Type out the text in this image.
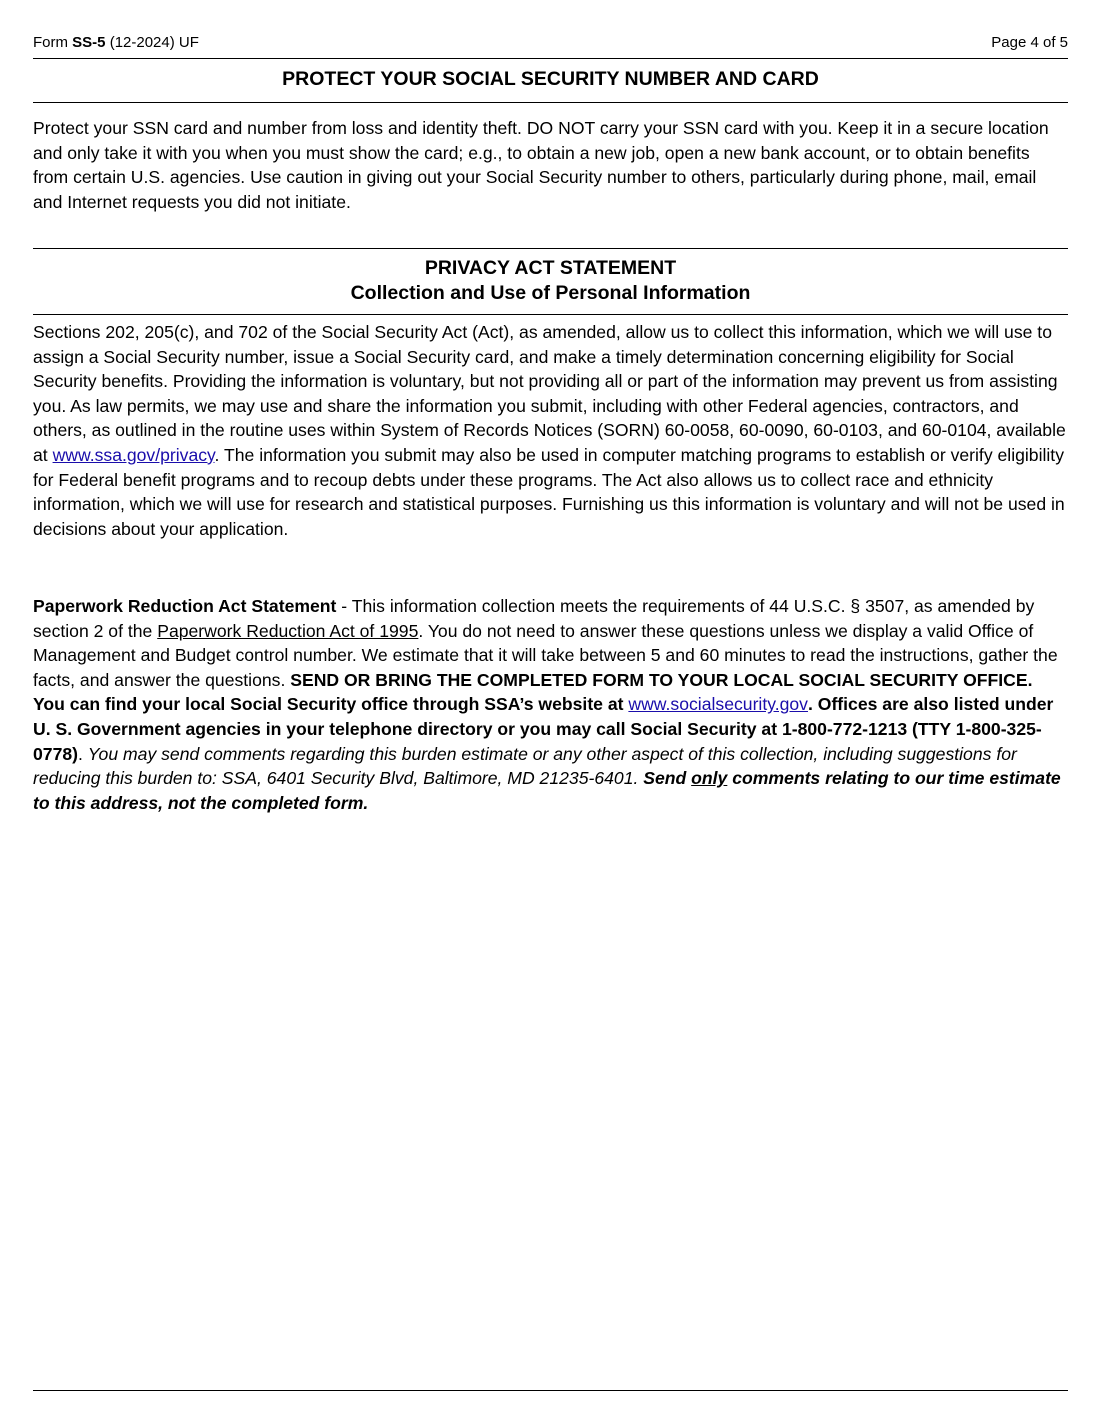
Form SS-5 (12-2024) UF	Page 4 of 5
PROTECT YOUR SOCIAL SECURITY NUMBER AND CARD
Protect your SSN card and number from loss and identity theft. DO NOT carry your SSN card with you. Keep it in a secure location and only take it with you when you must show the card; e.g., to obtain a new job, open a new bank account, or to obtain benefits from certain U.S. agencies. Use caution in giving out your Social Security number to others, particularly during phone, mail, email and Internet requests you did not initiate.
PRIVACY ACT STATEMENT
Collection and Use of Personal Information
Sections 202, 205(c), and 702 of the Social Security Act (Act), as amended, allow us to collect this information, which we will use to assign a Social Security number, issue a Social Security card, and make a timely determination concerning eligibility for Social Security benefits. Providing the information is voluntary, but not providing all or part of the information may prevent us from assisting you. As law permits, we may use and share the information you submit, including with other Federal agencies, contractors, and others, as outlined in the routine uses within System of Records Notices (SORN) 60-0058, 60-0090, 60-0103, and 60-0104, available at www.ssa.gov/privacy. The information you submit may also be used in computer matching programs to establish or verify eligibility for Federal benefit programs and to recoup debts under these programs. The Act also allows us to collect race and ethnicity information, which we will use for research and statistical purposes. Furnishing us this information is voluntary and will not be used in decisions about your application.
Paperwork Reduction Act Statement - This information collection meets the requirements of 44 U.S.C. § 3507, as amended by section 2 of the Paperwork Reduction Act of 1995. You do not need to answer these questions unless we display a valid Office of Management and Budget control number. We estimate that it will take between 5 and 60 minutes to read the instructions, gather the facts, and answer the questions. SEND OR BRING THE COMPLETED FORM TO YOUR LOCAL SOCIAL SECURITY OFFICE. You can find your local Social Security office through SSA’s website at www.socialsecurity.gov. Offices are also listed under U. S. Government agencies in your telephone directory or you may call Social Security at 1-800-772-1213 (TTY 1-800-325-0778). You may send comments regarding this burden estimate or any other aspect of this collection, including suggestions for reducing this burden to: SSA, 6401 Security Blvd, Baltimore, MD 21235-6401. Send only comments relating to our time estimate to this address, not the completed form.
